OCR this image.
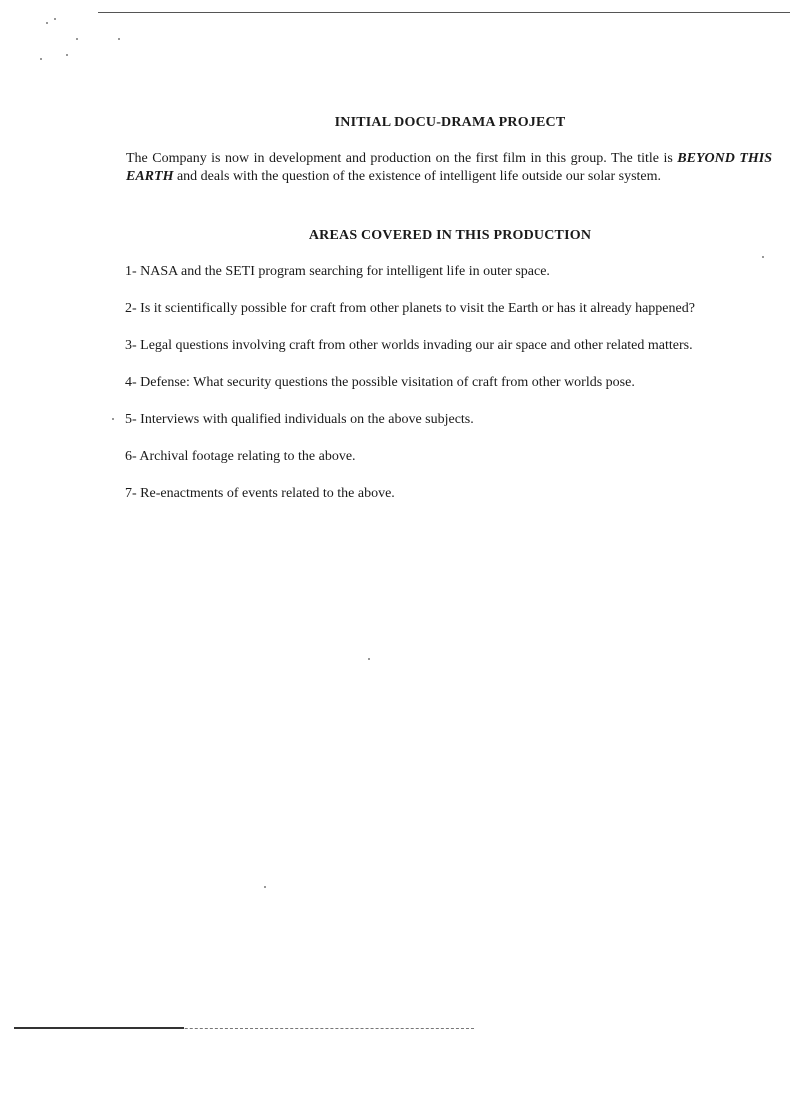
INITIAL DOCU-DRAMA PROJECT

The Company is now in development and production on the first film in this group. The title is BEYOND THIS EARTH and deals with the question of the existence of intelligent life outside our solar system.

AREAS COVERED IN THIS PRODUCTION
1- NASA and the SETI program searching for intelligent life in outer space.
2- Is it scientifically possible for craft from other planets to visit the Earth or has it already happened?
3- Legal questions involving craft from other worlds invading our air space and other related matters.
4- Defense: What security questions the possible visitation of craft from other worlds pose.
5- Interviews with qualified individuals on the above subjects.
6- Archival footage relating to the above.
7- Re-enactments of events related to the above.
